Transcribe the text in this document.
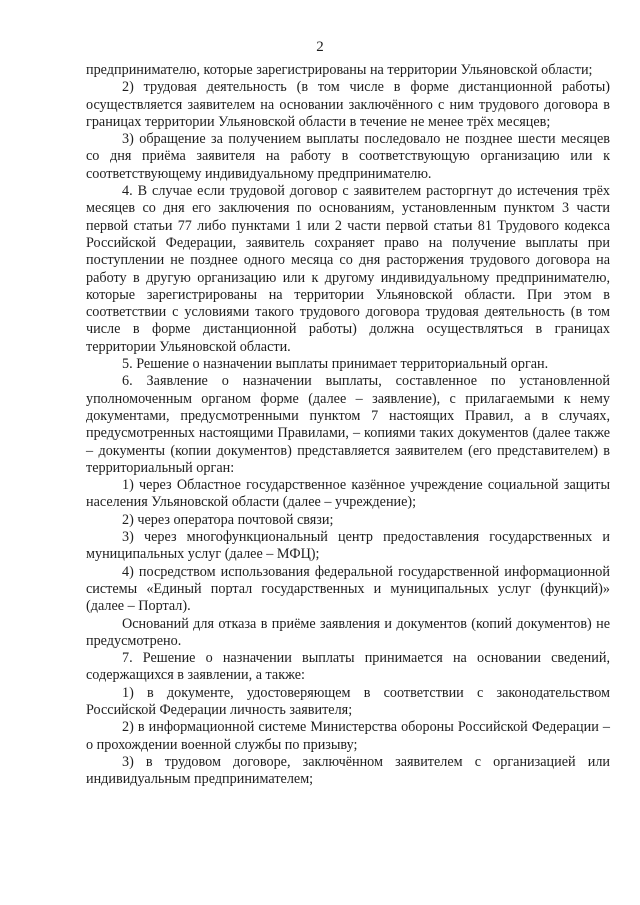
2

предпринимателю, которые зарегистрированы на территории Ульяновской области;

2) трудовая деятельность (в том числе в форме дистанционной работы) осуществляется заявителем на основании заключённого с ним трудового договора в границах территории Ульяновской области в течение не менее трёх месяцев;

3) обращение за получением выплаты последовало не позднее шести месяцев со дня приёма заявителя на работу в соответствующую организацию или к соответствующему индивидуальному предпринимателю.

4. В случае если трудовой договор с заявителем расторгнут до истечения трёх месяцев со дня его заключения по основаниям, установленным пунктом 3 части первой статьи 77 либо пунктами 1 или 2 части первой статьи 81 Трудового кодекса Российской Федерации, заявитель сохраняет право на получение выплаты при поступлении не позднее одного месяца со дня расторжения трудового договора на работу в другую организацию или к другому индивидуальному предпринимателю, которые зарегистрированы на территории Ульяновской области. При этом в соответствии с условиями такого трудового договора трудовая деятельность (в том числе в форме дистанционной работы) должна осуществляться в границах территории Ульяновской области.

5. Решение о назначении выплаты принимает территориальный орган.

6. Заявление о назначении выплаты, составленное по установленной уполномоченным органом форме (далее – заявление), с прилагаемыми к нему документами, предусмотренными пунктом 7 настоящих Правил, а в случаях, предусмотренных настоящими Правилами, – копиями таких документов (далее также – документы (копии документов) представляется заявителем (его представителем) в территориальный орган:

1) через Областное государственное казённое учреждение социальной защиты населения Ульяновской области (далее – учреждение);

2) через оператора почтовой связи;

3) через многофункциональный центр предоставления государственных и муниципальных услуг (далее – МФЦ);

4) посредством использования федеральной государственной информационной системы «Единый портал государственных и муниципальных услуг (функций)» (далее – Портал).

Оснований для отказа в приёме заявления и документов (копий документов) не предусмотрено.

7. Решение о назначении выплаты принимается на основании сведений, содержащихся в заявлении, а также:

1) в документе, удостоверяющем в соответствии с законодательством Российской Федерации личность заявителя;

2) в информационной системе Министерства обороны Российской Федерации – о прохождении военной службы по призыву;

3) в трудовом договоре, заключённом заявителем с организацией или индивидуальным предпринимателем;
